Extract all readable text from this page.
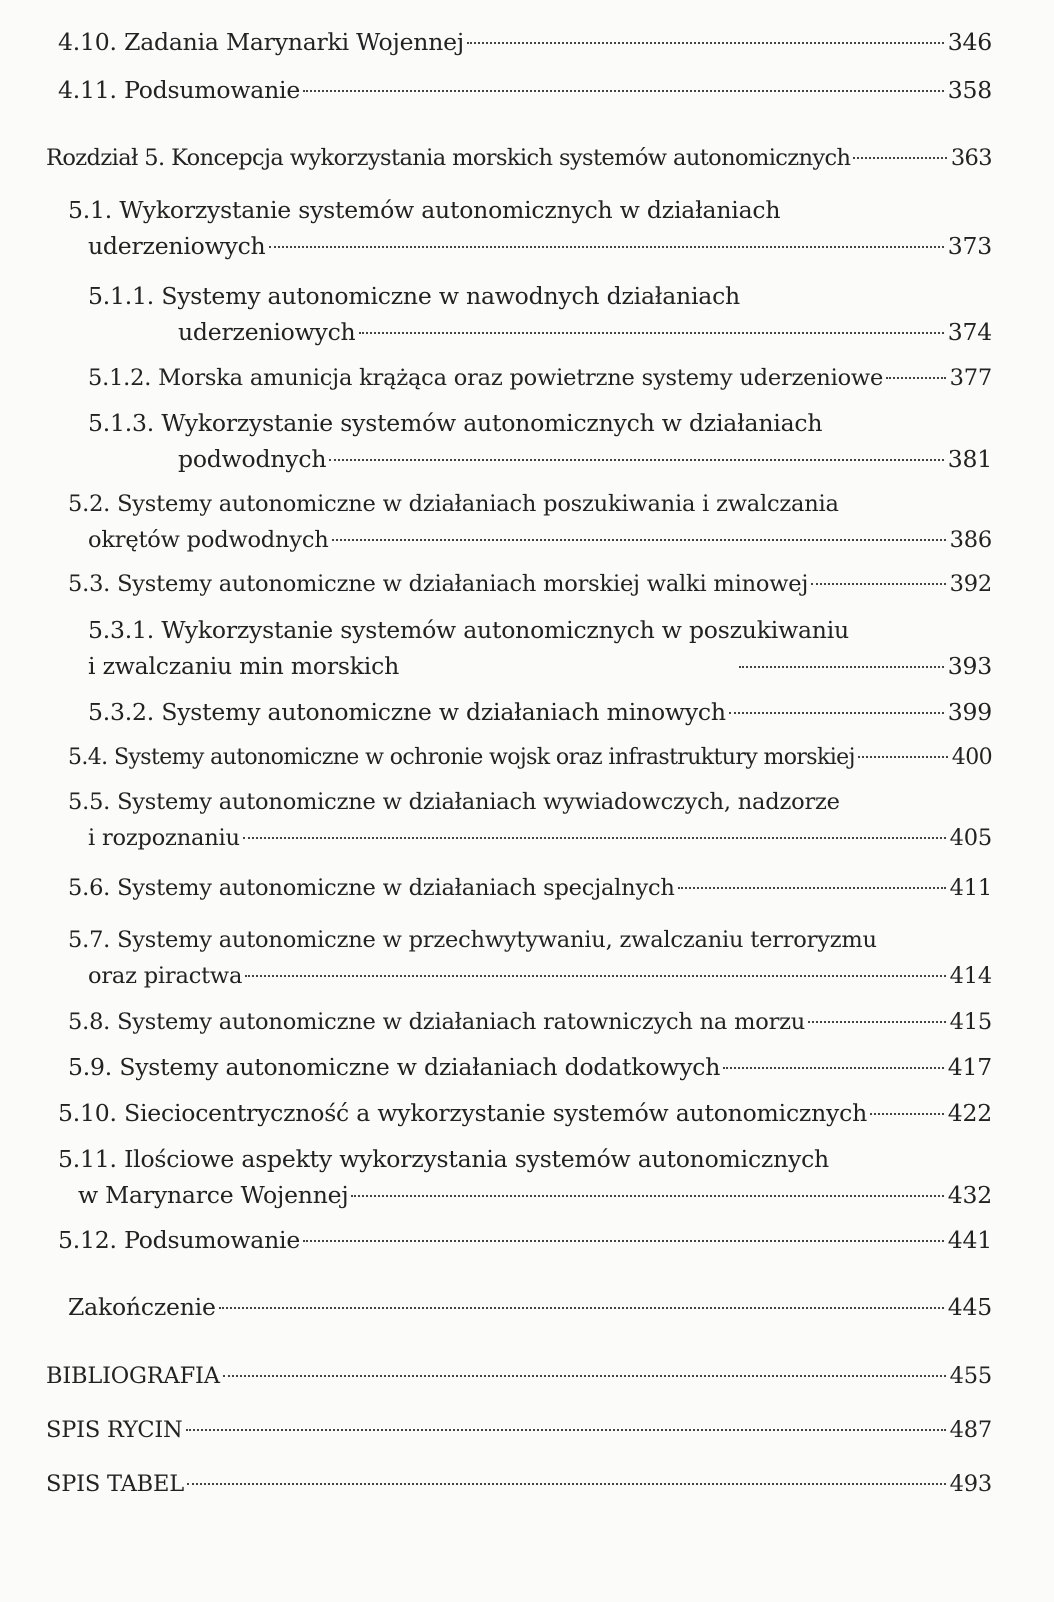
4.10. Zadania Marynarki Wojennej	346
4.11. Podsumowanie	358
Rozdział 5. Koncepcja wykorzystania morskich systemów autonomicznych	363
5.1. Wykorzystanie systemów autonomicznych w działaniach
uderzeniowych	373
5.1.1. Systemy autonomiczne w nawodnych działaniach
uderzeniowych	374
5.1.2. Morska amunicja krążąca oraz powietrzne systemy uderzeniowe	377
5.1.3. Wykorzystanie systemów autonomicznych w działaniach
podwodnych	381
5.2. Systemy autonomiczne w działaniach poszukiwania i zwalczania
okrętów podwodnych	386
5.3. Systemy autonomiczne w działaniach morskiej walki minowej	392
5.3.1. Wykorzystanie systemów autonomicznych w poszukiwaniu
i zwalczaniu min morskich	393
5.3.2. Systemy autonomiczne w działaniach minowych	399
5.4. Systemy autonomiczne w ochronie wojsk oraz infrastruktury morskiej	400
5.5. Systemy autonomiczne w działaniach wywiadowczych, nadzorze
i rozpoznaniu	405
5.6. Systemy autonomiczne w działaniach specjalnych	411
5.7. Systemy autonomiczne w przechwytywaniu, zwalczaniu terroryzmu
oraz piractwa	414
5.8. Systemy autonomiczne w działaniach ratowniczych na morzu	415
5.9. Systemy autonomiczne w działaniach dodatkowych	417
5.10. Sieciocentryczność a wykorzystanie systemów autonomicznych	422
5.11. Ilościowe aspekty wykorzystania systemów autonomicznych
w Marynarce Wojennej	432
5.12. Podsumowanie	441
Zakończenie	445
BIBLIOGRAFIA	455
SPIS RYCIN	487
SPIS TABEL	493
